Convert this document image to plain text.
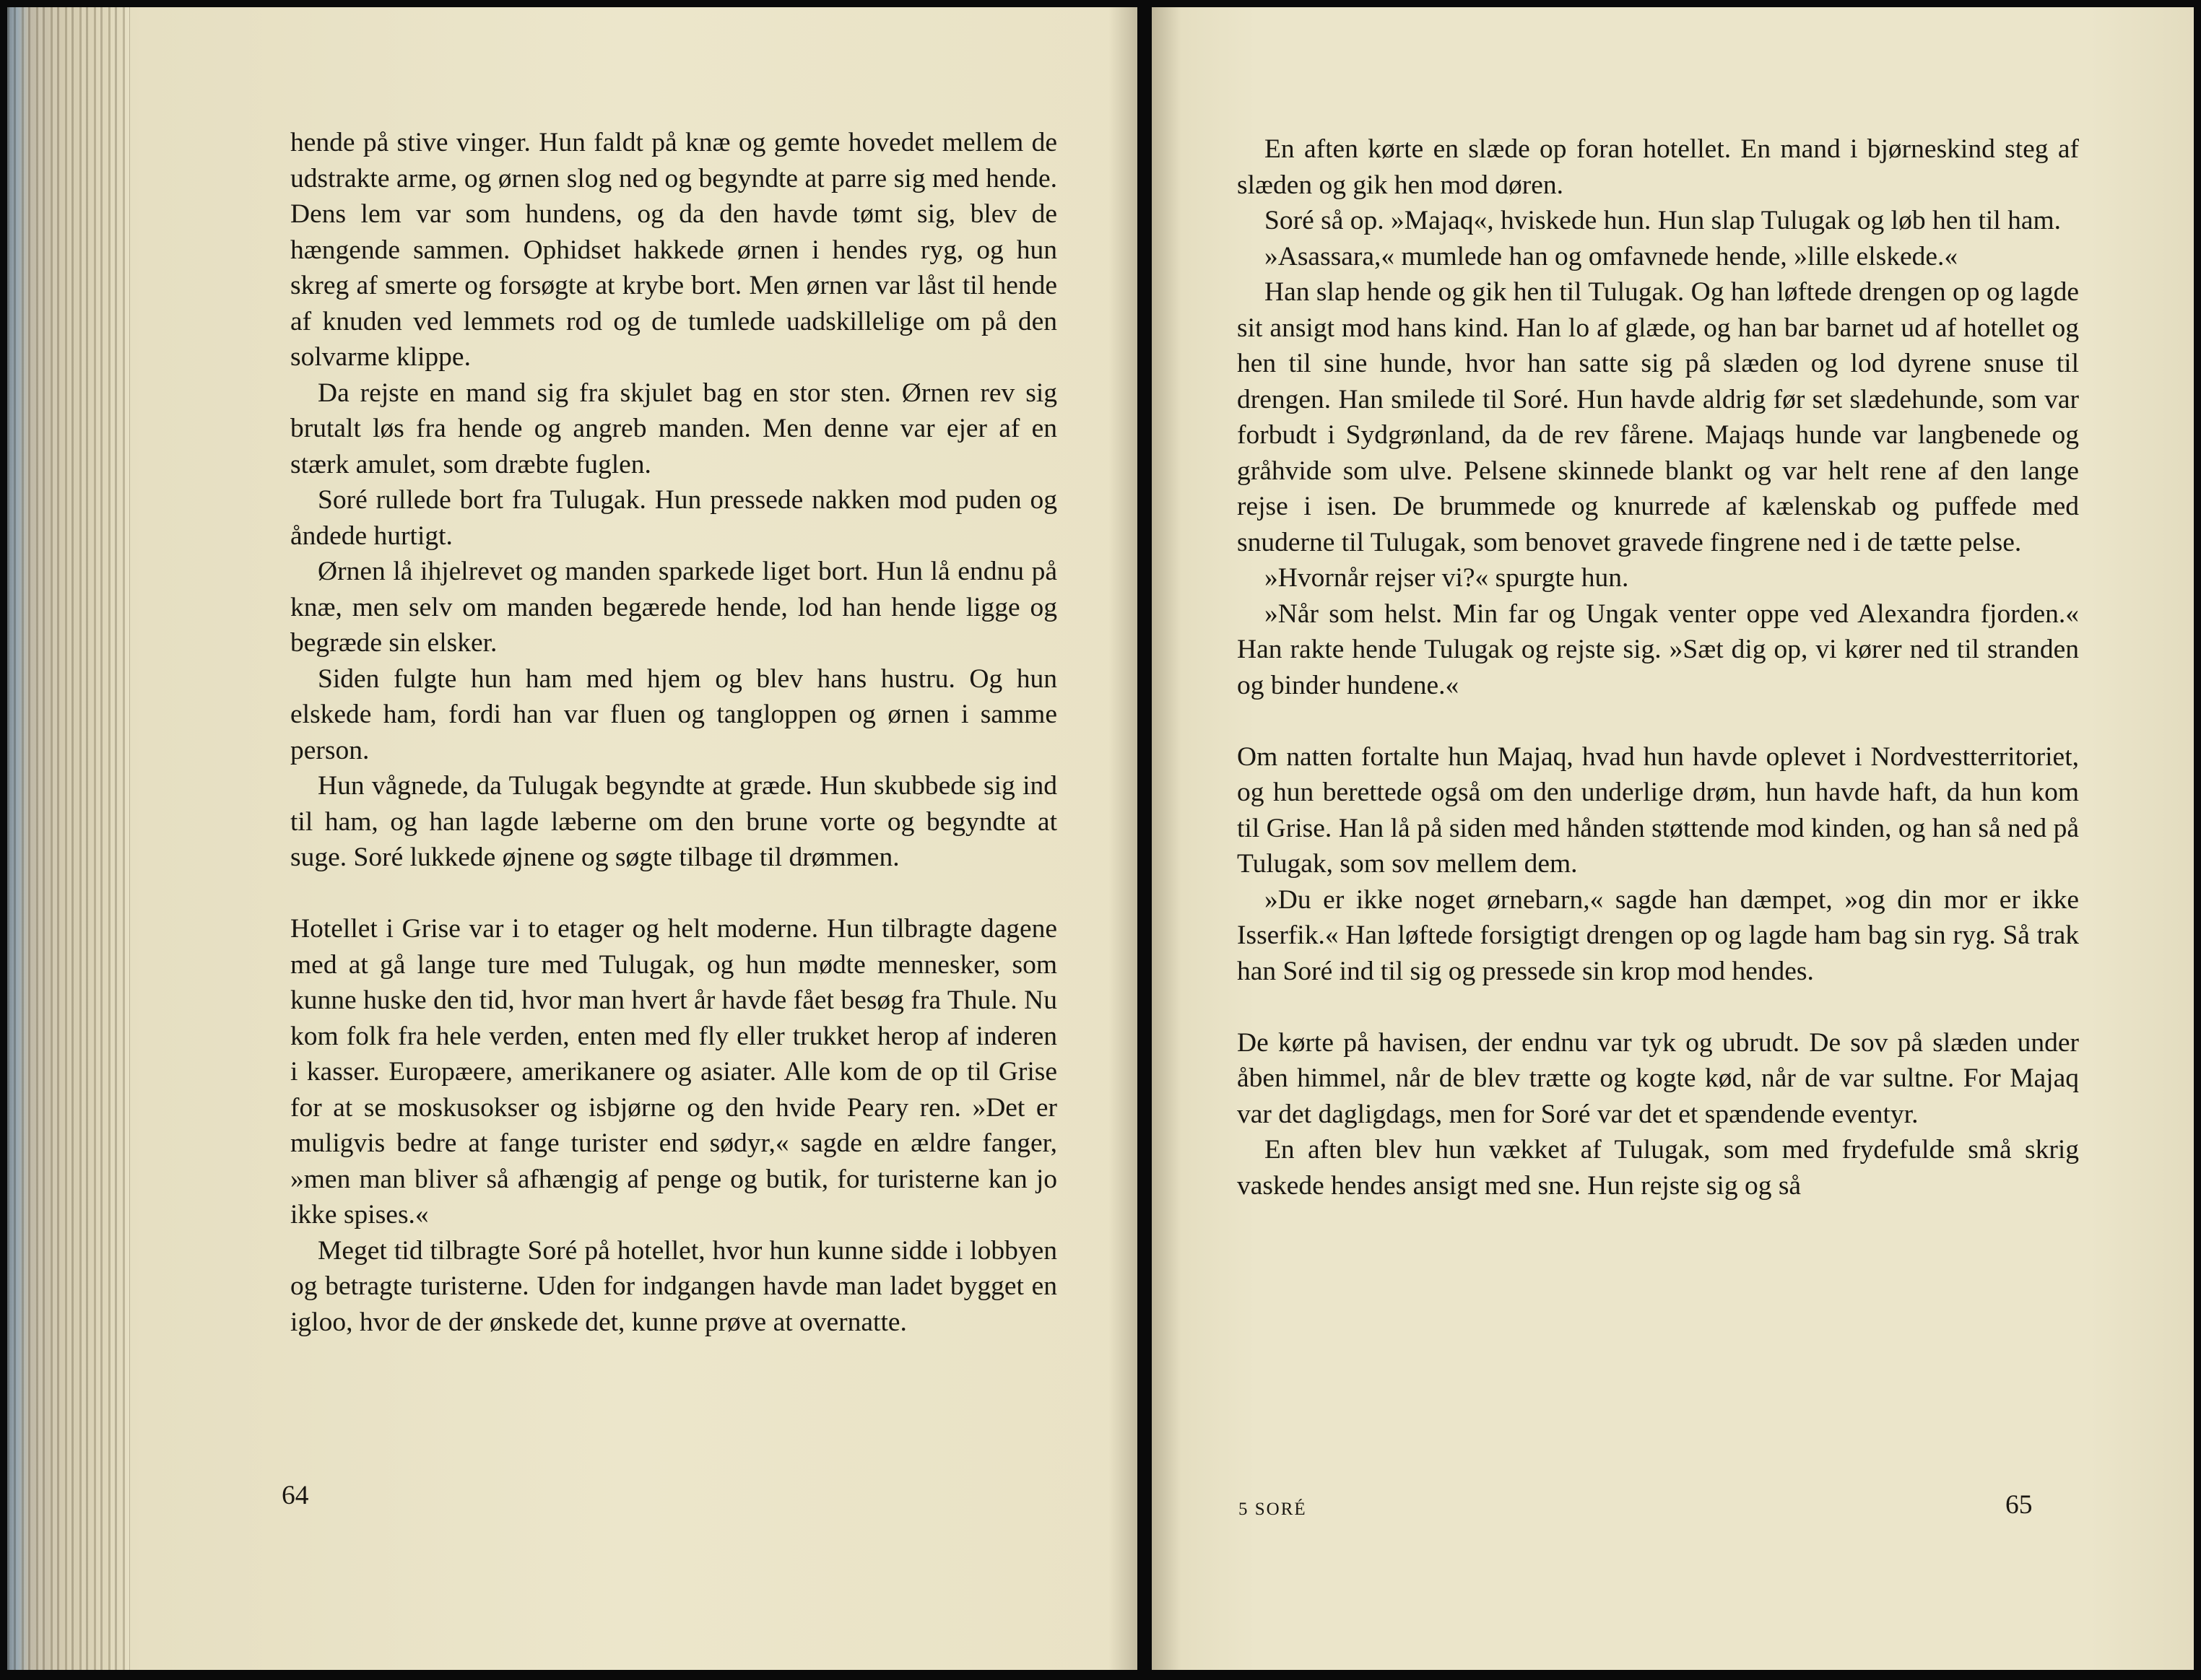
hende på stive vinger. Hun faldt på knæ og gemte hovedet mellem de udstrakte arme, og ørnen slog ned og begyndte at parre sig med hende. Dens lem var som hundens, og da den havde tømt sig, blev de hængende sammen. Ophidset hakkede ørnen i hendes ryg, og hun skreg af smerte og forsøgte at krybe bort. Men ørnen var låst til hende af knuden ved lemmets rod og de tumlede uadskillelige om på den solvarme klippe.

Da rejste en mand sig fra skjulet bag en stor sten. Ørnen rev sig brutalt løs fra hende og angreb manden. Men denne var ejer af en stærk amulet, som dræbte fuglen.

Soré rullede bort fra Tulugak. Hun pressede nakken mod puden og åndede hurtigt.

Ørnen lå ihjelrevet og manden sparkede liget bort. Hun lå endnu på knæ, men selv om manden begærede hende, lod han hende ligge og begræde sin elsker.

Siden fulgte hun ham med hjem og blev hans hustru. Og hun elskede ham, fordi han var fluen og tangloppen og ørnen i samme person.

Hun vågnede, da Tulugak begyndte at græde. Hun skubbede sig ind til ham, og han lagde læberne om den brune vorte og begyndte at suge. Soré lukkede øjnene og søgte tilbage til drømmen.

Hotellet i Grise var i to etager og helt moderne. Hun tilbragte dagene med at gå lange ture med Tulugak, og hun mødte mennesker, som kunne huske den tid, hvor man hvert år havde fået besøg fra Thule. Nu kom folk fra hele verden, enten med fly eller trukket herop af inderen i kasser. Europæere, amerikanere og asiater. Alle kom de op til Grise for at se moskusokser og isbjørne og den hvide Peary ren. »Det er muligvis bedre at fange turister end sødyr,« sagde en ældre fanger, »men man bliver så afhængig af penge og butik, for turisterne kan jo ikke spises.«

Meget tid tilbragte Soré på hotellet, hvor hun kunne sidde i lobbyen og betragte turisterne. Uden for indgangen havde man ladet bygget en igloo, hvor de der ønskede det, kunne prøve at overnatte.

64

En aften kørte en slæde op foran hotellet. En mand i bjørneskind steg af slæden og gik hen mod døren.

Soré så op. »Majaq«, hviskede hun. Hun slap Tulugak og løb hen til ham.

»Asassara,« mumlede han og omfavnede hende, »lille elskede.«

Han slap hende og gik hen til Tulugak. Og han løftede drengen op og lagde sit ansigt mod hans kind. Han lo af glæde, og han bar barnet ud af hotellet og hen til sine hunde, hvor han satte sig på slæden og lod dyrene snuse til drengen. Han smilede til Soré. Hun havde aldrig før set slædehunde, som var forbudt i Sydgrønland, da de rev fårene. Majaqs hunde var langbenede og gråhvide som ulve. Pelsene skinnede blankt og var helt rene af den lange rejse i isen. De brummede og knurrede af kælenskab og puffede med snuderne til Tulugak, som benovet gravede fingrene ned i de tætte pelse.

»Hvornår rejser vi?« spurgte hun.

»Når som helst. Min far og Ungak venter oppe ved Alexandra fjorden.« Han rakte hende Tulugak og rejste sig. »Sæt dig op, vi kører ned til stranden og binder hundene.«

Om natten fortalte hun Majaq, hvad hun havde oplevet i Nordvestterritoriet, og hun berettede også om den underlige drøm, hun havde haft, da hun kom til Grise. Han lå på siden med hånden støttende mod kinden, og han så ned på Tulugak, som sov mellem dem.

»Du er ikke noget ørnebarn,« sagde han dæmpet, »og din mor er ikke Isserfik.« Han løftede forsigtigt drengen op og lagde ham bag sin ryg. Så trak han Soré ind til sig og pressede sin krop mod hendes.

De kørte på havisen, der endnu var tyk og ubrudt. De sov på slæden under åben himmel, når de blev trætte og kogte kød, når de var sultne. For Majaq var det dagligdags, men for Soré var det et spændende eventyr.

En aften blev hun vækket af Tulugak, som med frydefulde små skrig vaskede hendes ansigt med sne. Hun rejste sig og så

5 SORÉ	65
